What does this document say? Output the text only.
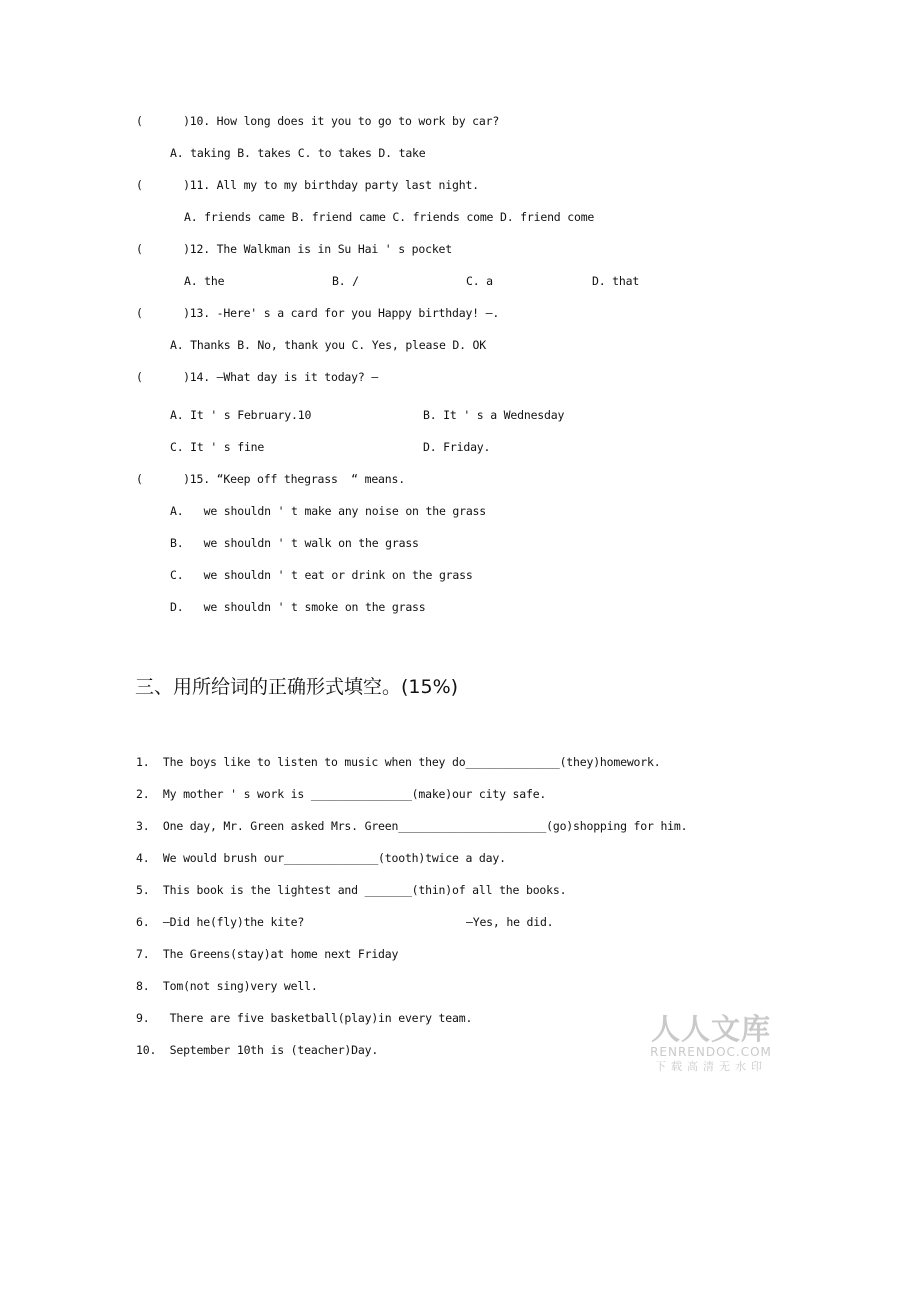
(      )10. How long does it you to go to work by car?
A. taking B. takes C. to takes D. take
(      )11. All my to my birthday party last night.
A. friends came B. friend came C. friends come D. friend come
(      )12. The Walkman is in Su Hai ' s pocket
A. the	B. /	C. a	D. that
(      )13. -Here' s a card for you Happy birthday! —.
A. Thanks B. No, thank you C. Yes, please D. OK
(      )14. —What day is it today? —
A. It ' s February.10	B. It ' s a Wednesday
C. It ' s fine	D. Friday.
(      )15. “Keep off thegrass  “ means.
A.   we shouldn ' t make any noise on the grass
B.   we shouldn ' t walk on the grass
C.   we shouldn ' t eat or drink on the grass
D.   we shouldn ' t smoke on the grass
三、用所给词的正确形式填空。(15%)
1.  The boys like to listen to music when they do______________(they)homework.
2.  My mother ' s work is _______________(make)our city safe.
3.  One day, Mr. Green asked Mrs. Green______________________(go)shopping for him.
4.  We would brush our______________(tooth)twice a day.
5.  This book is the lightest and _______(thin)of all the books.
6.  —Did he(fly)the kite?	—Yes, he did.
7.  The Greens(stay)at home next Friday
8.  Tom(not sing)very well.
9.   There are five basketball(play)in every team.
10.  September 10th is (teacher)Day.
人人文库
RENRENDOC.COM
下载高清无水印
